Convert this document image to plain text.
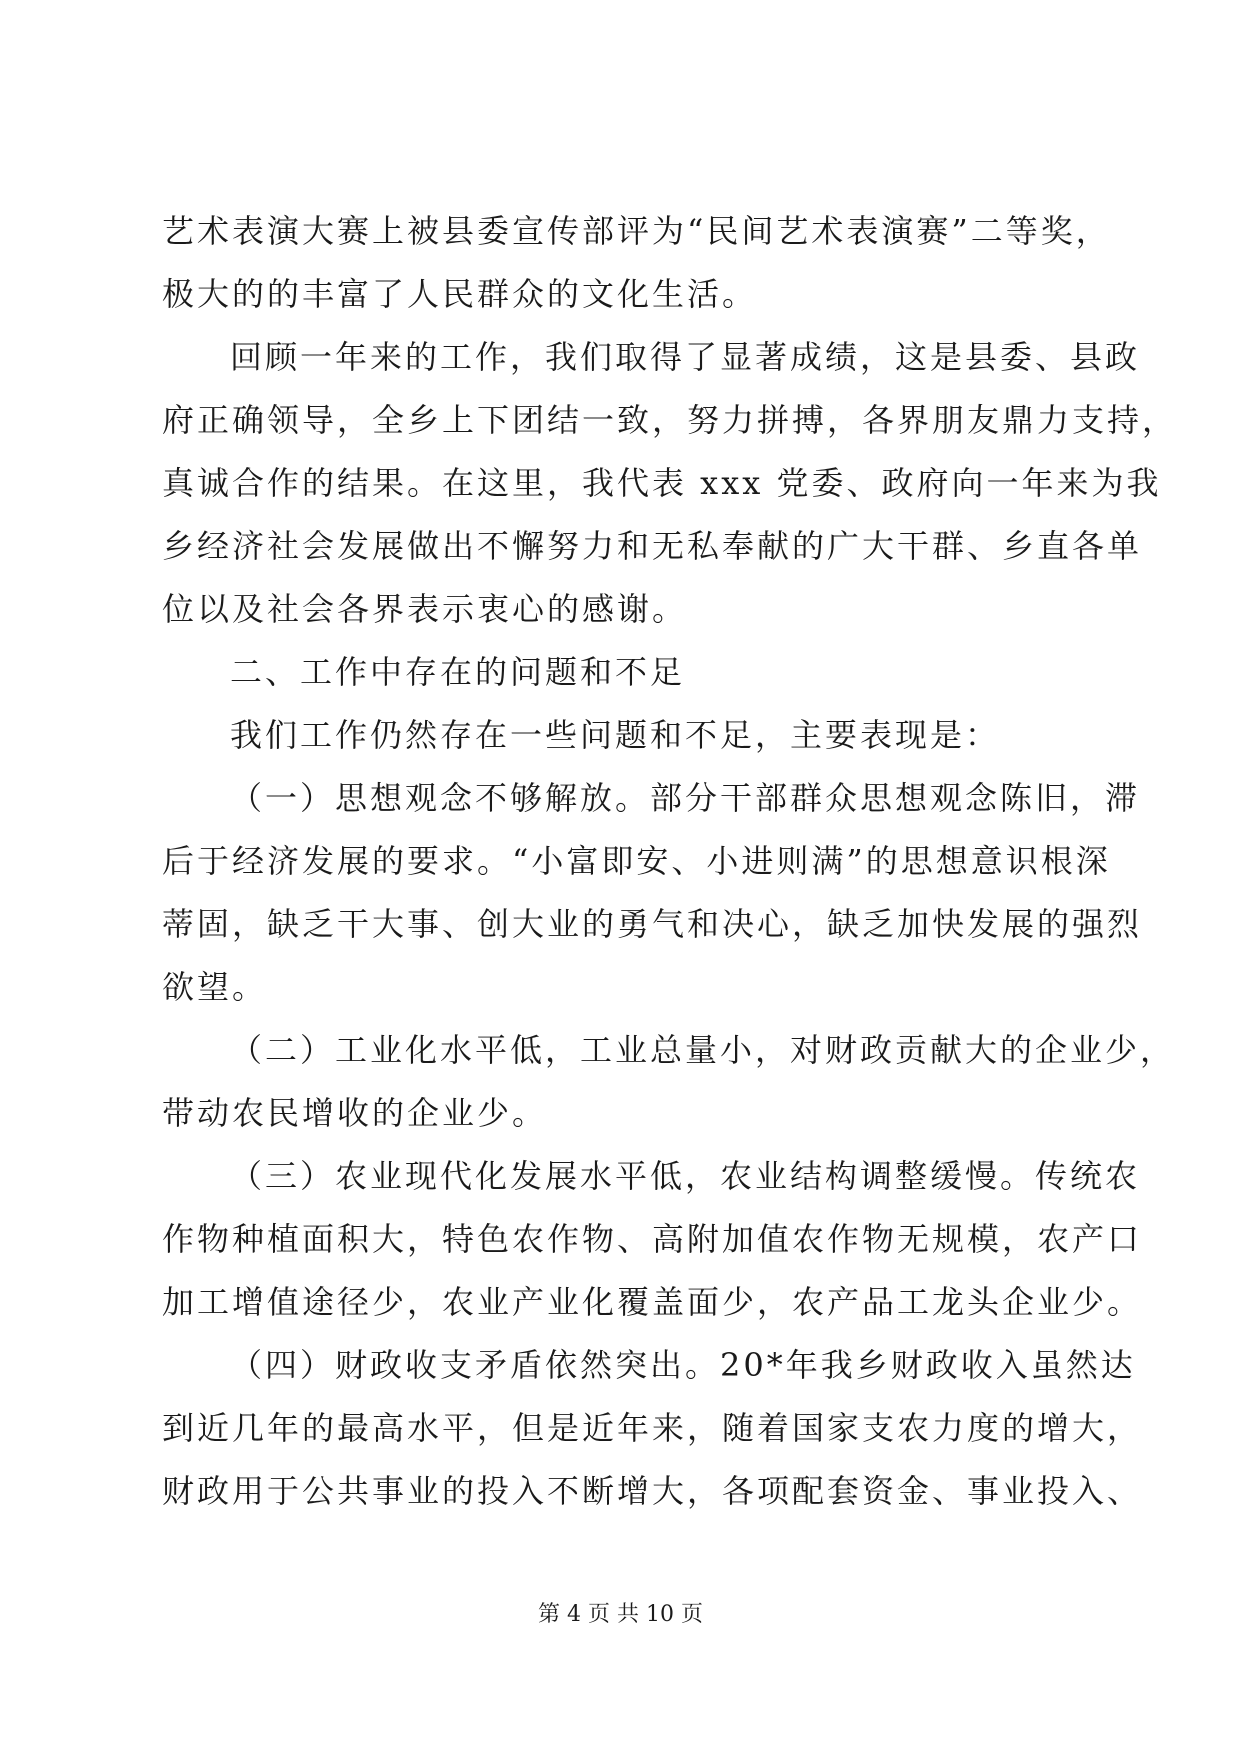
艺术表演大赛上被县委宣传部评为“民间艺术表演赛”二等奖，
极大的的丰富了人民群众的文化生活。
回顾一年来的工作，我们取得了显著成绩，这是县委、县政
府正确领导，全乡上下团结一致，努力拼搏，各界朋友鼎力支持，
真诚合作的结果。在这里，我代表 xxx 党委、政府向一年来为我
乡经济社会发展做出不懈努力和无私奉献的广大干群、乡直各单
位以及社会各界表示衷心的感谢。
二、工作中存在的问题和不足
我们工作仍然存在一些问题和不足，主要表现是：
（一）思想观念不够解放。部分干部群众思想观念陈旧，滞
后于经济发展的要求。“小富即安、小进则满”的思想意识根深
蒂固，缺乏干大事、创大业的勇气和决心，缺乏加快发展的强烈
欲望。
（二）工业化水平低，工业总量小，对财政贡献大的企业少，
带动农民增收的企业少。
（三）农业现代化发展水平低，农业结构调整缓慢。传统农
作物种植面积大，特色农作物、高附加值农作物无规模，农产口
加工增值途径少，农业产业化覆盖面少，农产品工龙头企业少。
（四）财政收支矛盾依然突出。20*年我乡财政收入虽然达
到近几年的最高水平，但是近年来，随着国家支农力度的增大，
财政用于公共事业的投入不断增大，各项配套资金、事业投入、
第 4 页 共 10 页
